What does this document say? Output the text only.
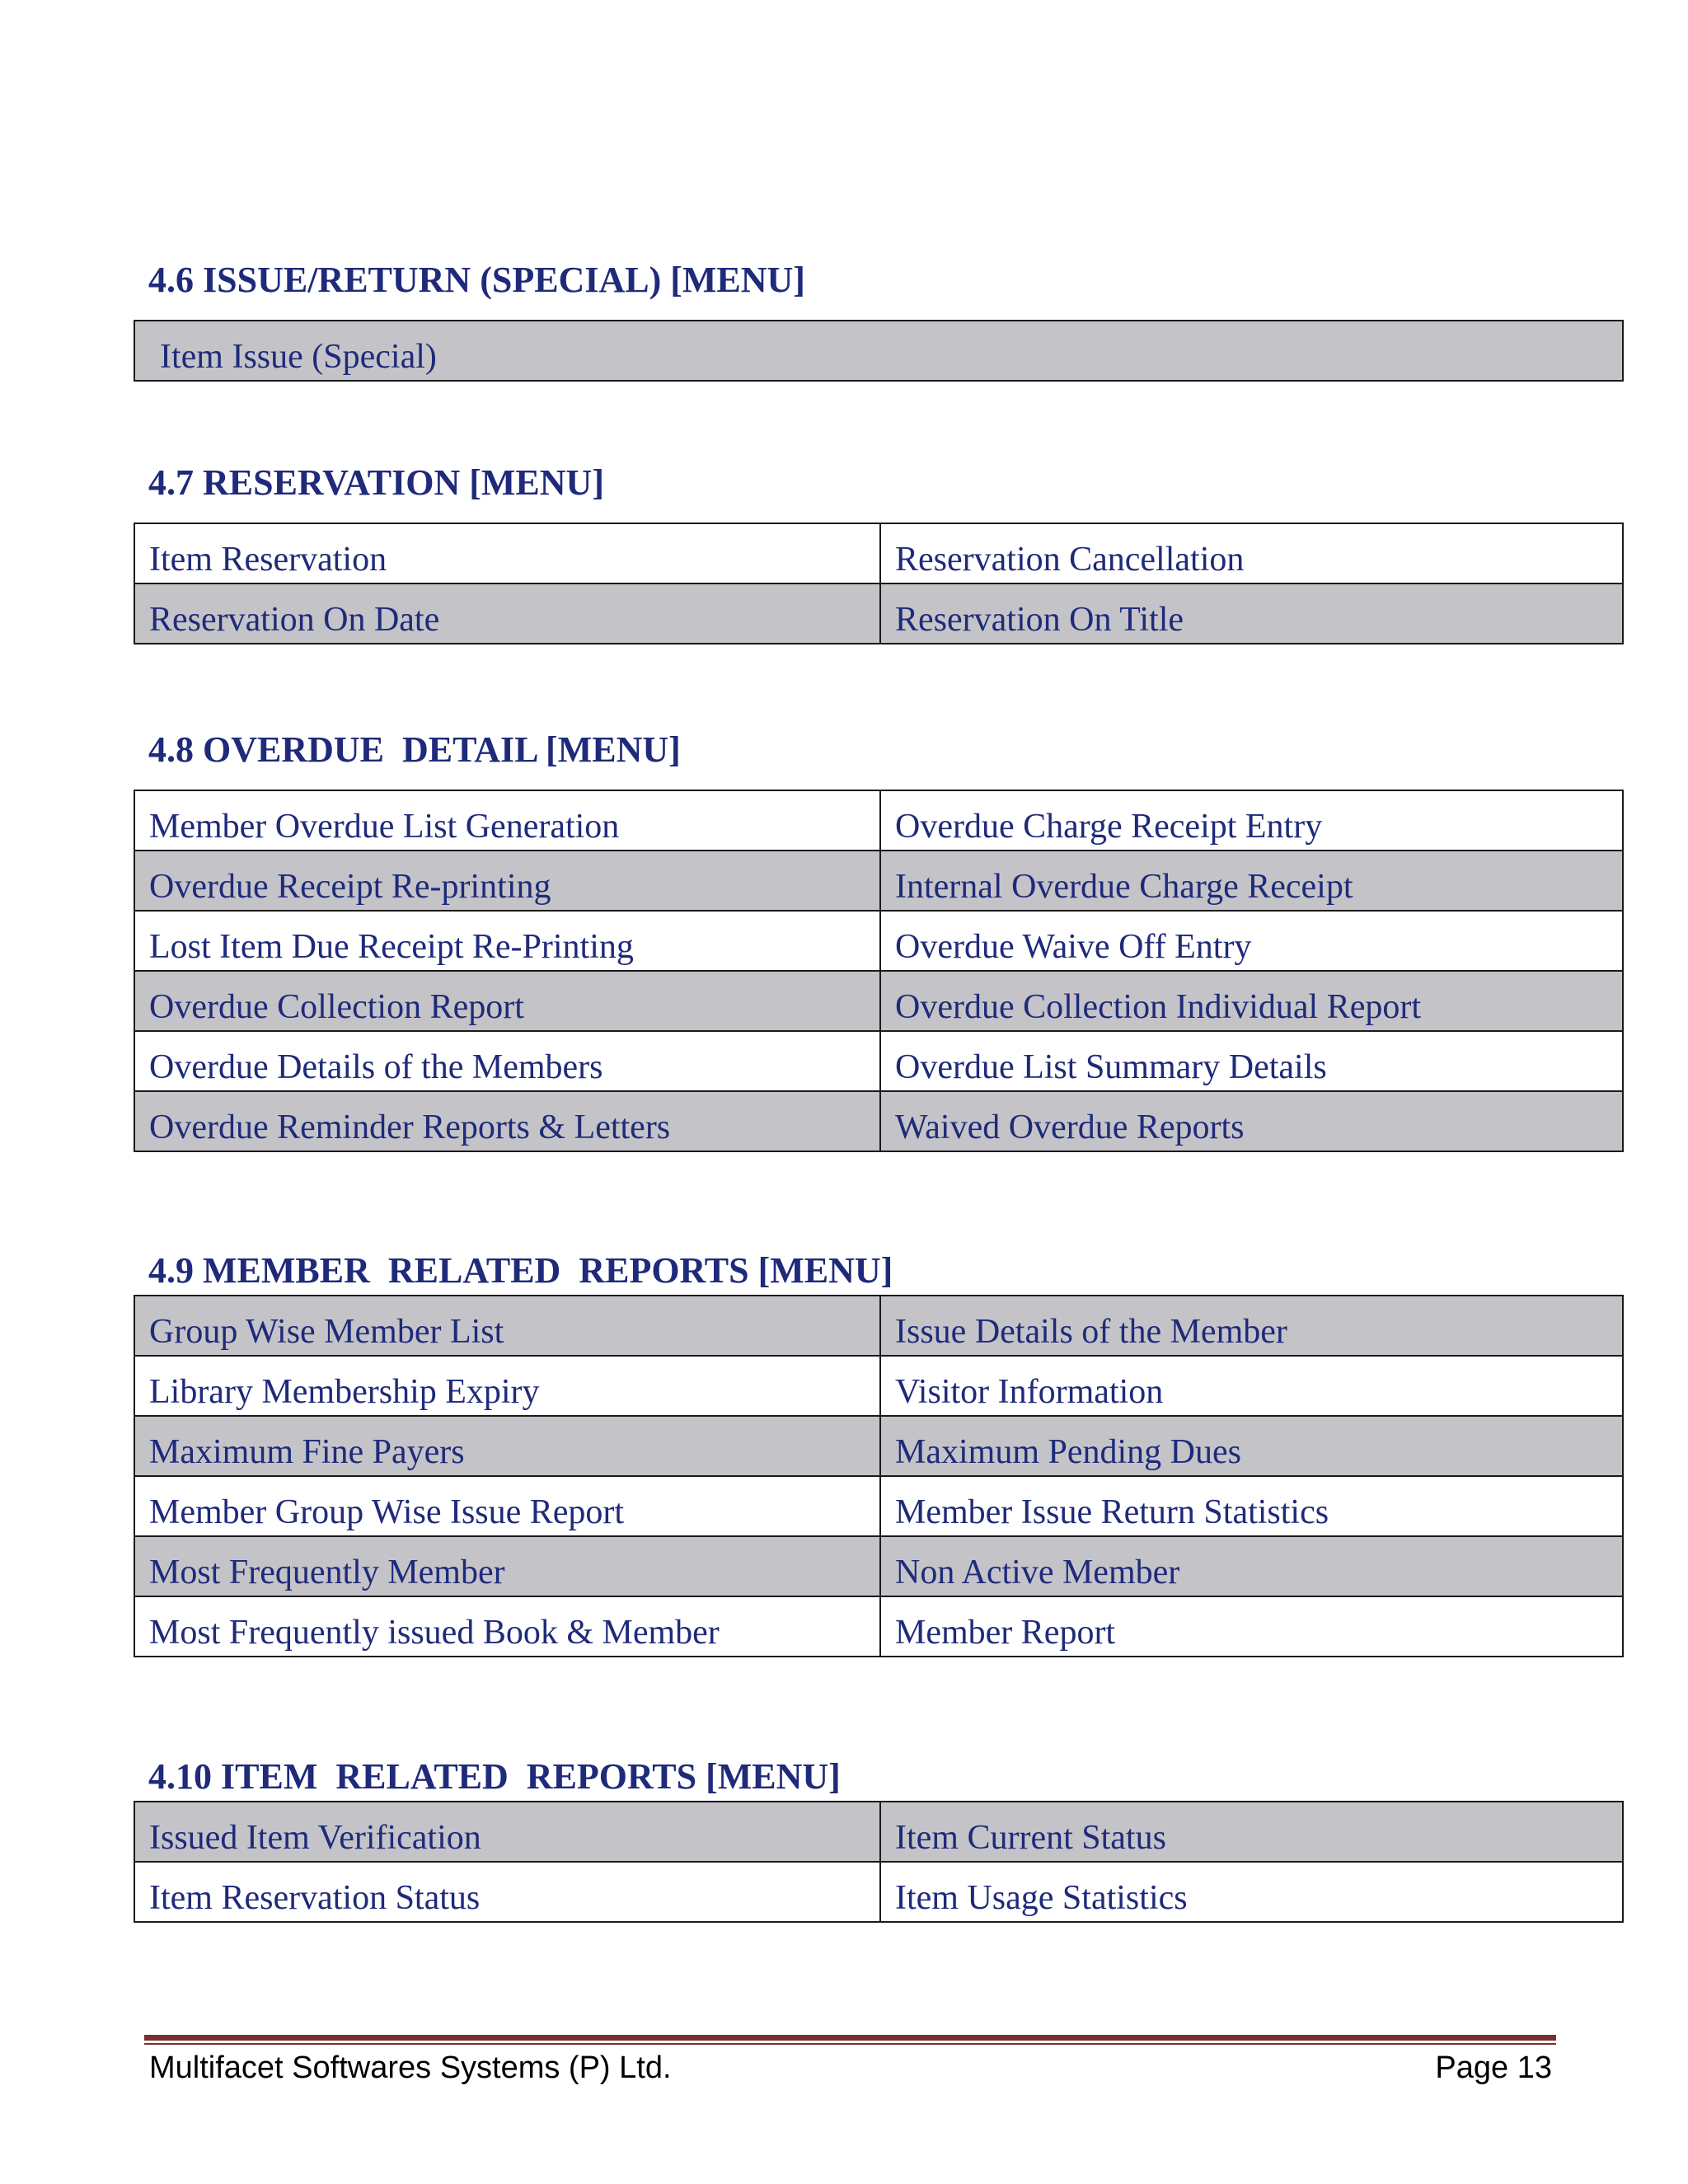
4.6 ISSUE/RETURN (SPECIAL) [MENU]
Item Issue (Special)
4.7 RESERVATION [MENU]
Item Reservation	Reservation Cancellation
Reservation On Date	Reservation On Title
4.8 OVERDUE  DETAIL [MENU]
Member Overdue List Generation	Overdue Charge Receipt Entry
Overdue Receipt Re-printing	Internal Overdue Charge Receipt
Lost Item Due Receipt Re-Printing	Overdue Waive Off Entry
Overdue Collection Report	Overdue Collection Individual Report
Overdue Details of the Members	Overdue List Summary Details
Overdue Reminder Reports & Letters	Waived Overdue Reports
4.9 MEMBER  RELATED  REPORTS [MENU]
Group Wise Member List	Issue Details of the Member
Library Membership Expiry	Visitor Information
Maximum Fine Payers	Maximum Pending Dues
Member Group Wise Issue Report	Member Issue Return Statistics
Most Frequently Member	Non Active Member
Most Frequently issued Book & Member	Member Report
4.10 ITEM  RELATED  REPORTS [MENU]
Issued Item Verification	Item Current Status
Item Reservation Status	Item Usage Statistics
Multifacet Softwares Systems (P) Ltd.	Page 13
